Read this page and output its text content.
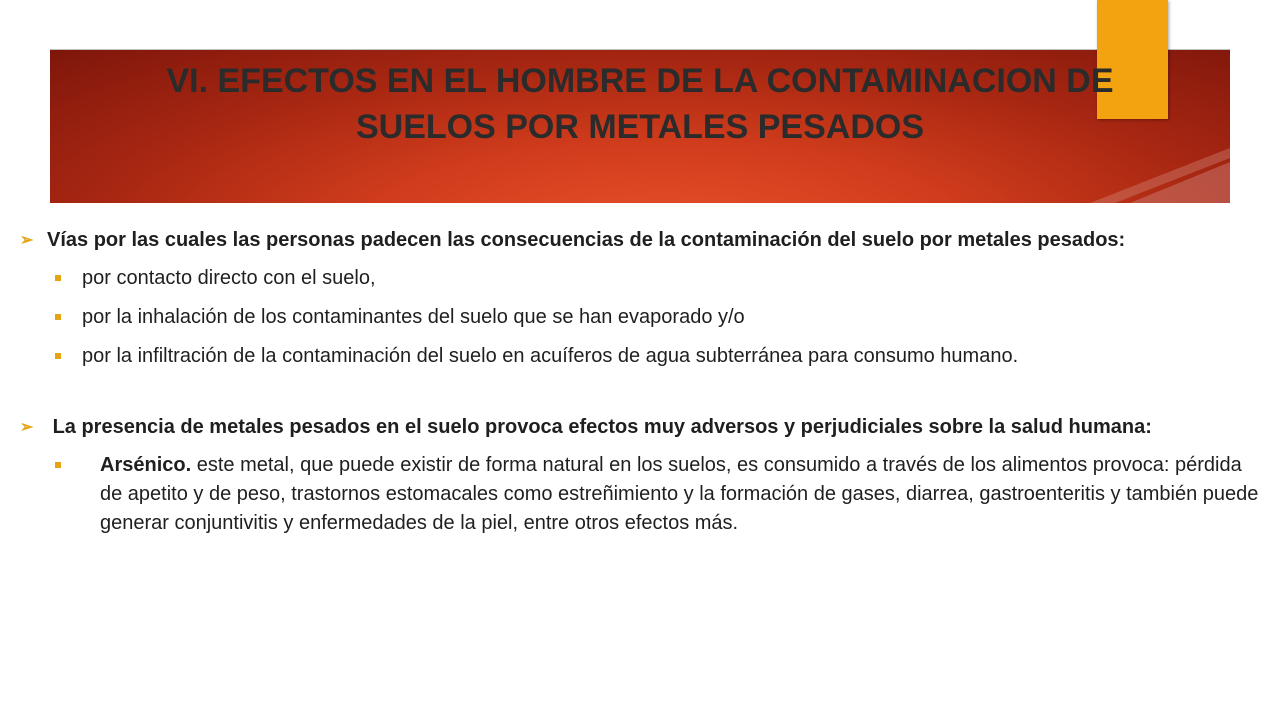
VI. EFECTOS EN EL HOMBRE DE LA CONTAMINACION DE SUELOS POR METALES PESADOS
➢ Vías por las cuales las personas padecen las consecuencias de la contaminación del suelo por metales pesados:
por contacto directo con el suelo,
por la inhalación de los contaminantes del suelo que se han evaporado y/o
por la infiltración de la contaminación del suelo en acuíferos de agua subterránea para consumo humano.
➢ La presencia de metales pesados en el suelo provoca efectos muy adversos y perjudiciales sobre la salud humana:
Arsénico. este metal, que puede existir de forma natural en los suelos, es consumido a través de los alimentos provoca: pérdida de apetito y de peso, trastornos estomacales como estreñimiento y la formación de gases, diarrea, gastroenteritis y también puede generar conjuntivitis y enfermedades de la piel, entre otros efectos más.
